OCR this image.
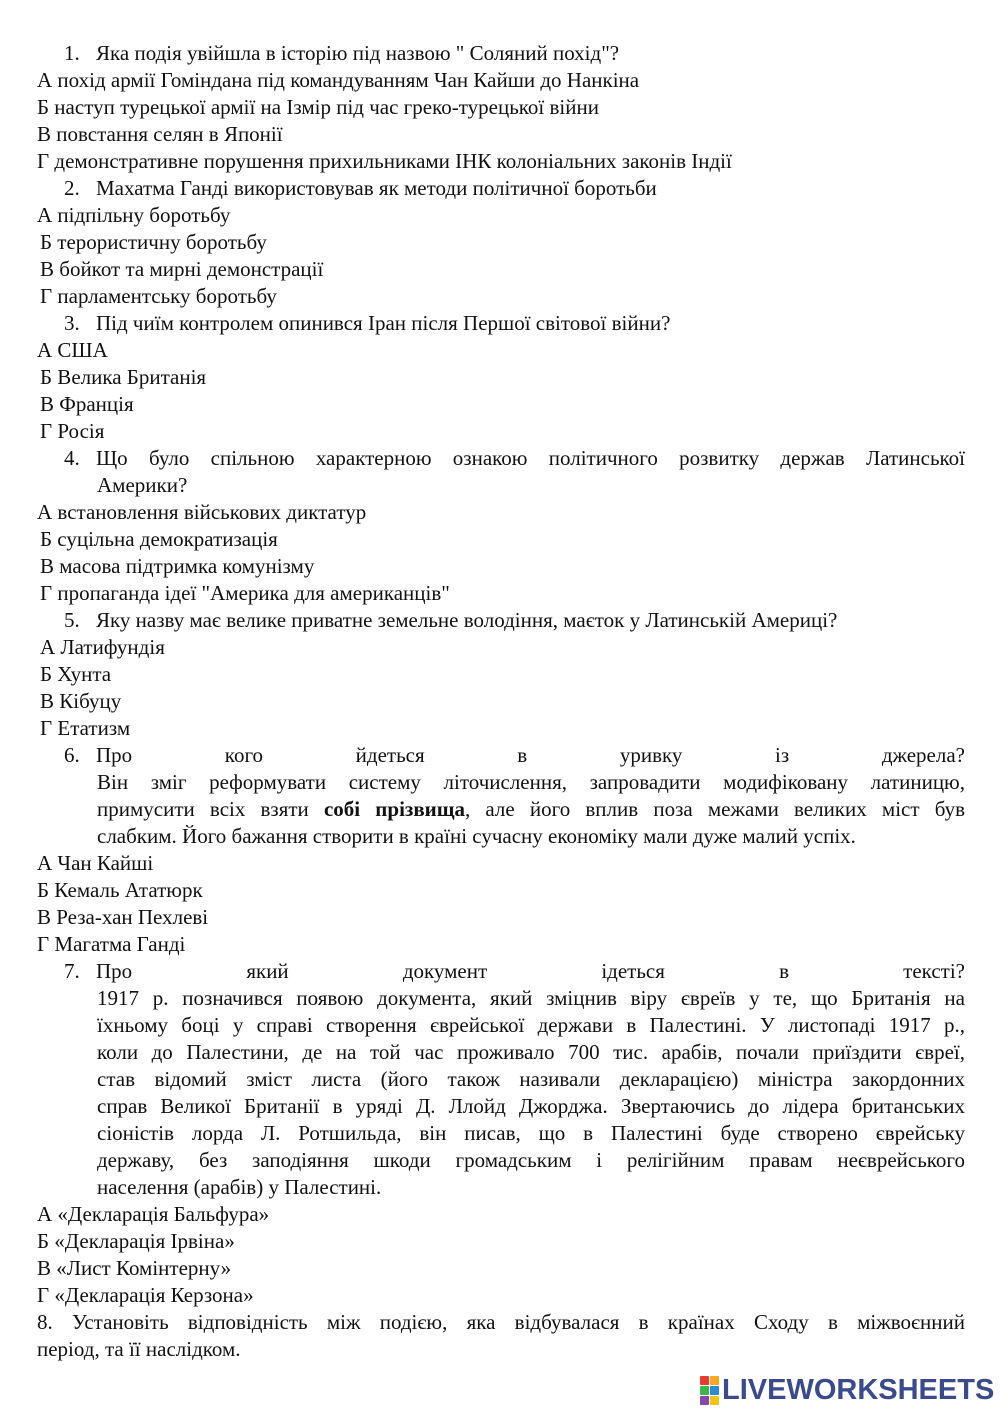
1. Яка подія увійшла в історію під назвою " Соляний похід"?
А похід армії Гоміндана під командуванням Чан Кайши до Нанкіна
Б наступ турецької армії на Ізмір під час греко-турецької війни
В повстання селян в Японії
Г демонстративне порушення прихильниками ІНК колоніальних законів Індії
2. Махатма Ганді використовував як методи політичної боротьби
А підпільну боротьбу
Б терористичну боротьбу
В бойкот та мирні демонстрації
Г парламентську боротьбу
3. Під чиїм контролем опинився Іран після Першої світової війни?
А США
Б Велика Британія
В Франція
Г Росія
4. Що було спільною характерною ознакою політичного розвитку держав Латинської
Америки?
А встановлення військових диктатур
Б суцільна демократизація
В масова підтримка комунізму
Г пропаганда ідеї "Америка для американців"
5. Яку назву має велике приватне земельне володіння, маєток у Латинській Америці?
А Латифундія
Б Хунта
В Кібуцу
Г Етатизм
6. Про кого йдеться в уривку із джерела?
Він зміг реформувати систему літочислення, запровадити модифіковану латиницю,
примусити всіх взяти собі прізвища, але його вплив поза межами великих міст був
слабким. Його бажання створити в країні сучасну економіку мали дуже малий успіх.
А Чан Кайші
Б Кемаль Ататюрк
В Реза-хан Пехлеві
Г Магатма Ганді
7. Про який документ ідеться в тексті?
1917 р. позначився появою документа, який зміцнив віру євреїв у те, що Британія на
їхньому боці у справі створення єврейської держави в Палестині. У листопаді 1917 р.,
коли до Палестини, де на той час проживало 700 тис. арабів, почали приїздити євреї,
став відомий зміст листа (його також називали декларацією) міністра закордонних
справ Великої Британії в уряді Д. Ллойд Джорджа. Звертаючись до лідера британських
сіоністів лорда Л. Ротшильда, він писав, що в Палестині буде створено єврейську
державу, без заподіяння шкоди громадським і релігійним правам неєврейського
населення (арабів) у Палестині.
А «Декларація Бальфура»
Б «Декларація Ірвіна»
В «Лист Комінтерну»
Г «Декларація Керзона»
8. Установіть відповідність між подією, яка відбувалася в країнах Сходу в міжвоєнний
період, та її наслідком.
LIVEWORKSHEETS
